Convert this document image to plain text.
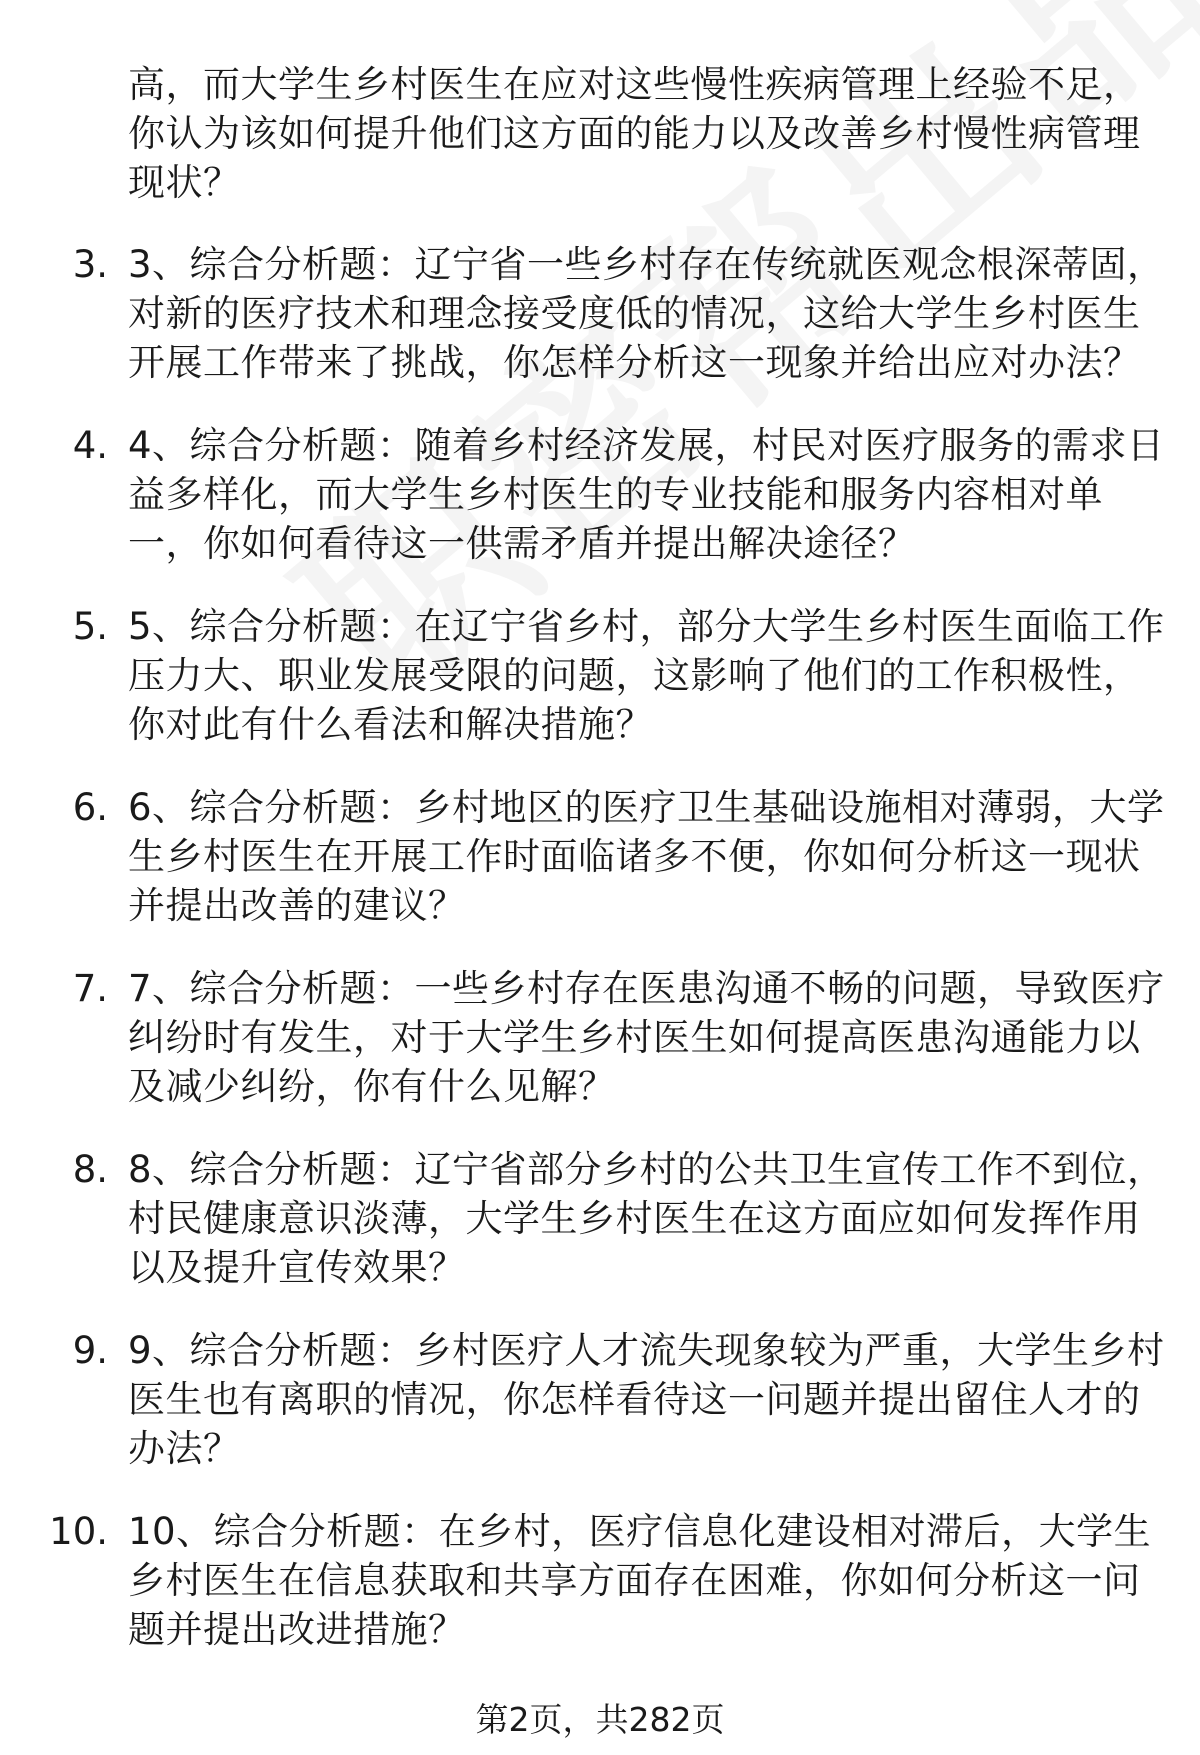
高，而大学生乡村医生在应对这些慢性疾病管理上经验不足，你认为该如何提升他们这方面的能力以及改善乡村慢性病管理现状？
3. 3、综合分析题：辽宁省一些乡村存在传统就医观念根深蒂固，对新的医疗技术和理念接受度低的情况，这给大学生乡村医生开展工作带来了挑战，你怎样分析这一现象并给出应对办法？
4. 4、综合分析题：随着乡村经济发展，村民对医疗服务的需求日益多样化，而大学生乡村医生的专业技能和服务内容相对单一，你如何看待这一供需矛盾并提出解决途径？
5. 5、综合分析题：在辽宁省乡村，部分大学生乡村医生面临工作压力大、职业发展受限的问题，这影响了他们的工作积极性，你对此有什么看法和解决措施？
6. 6、综合分析题：乡村地区的医疗卫生基础设施相对薄弱，大学生乡村医生在开展工作时面临诸多不便，你如何分析这一现状并提出改善的建议？
7. 7、综合分析题：一些乡村存在医患沟通不畅的问题，导致医疗纠纷时有发生，对于大学生乡村医生如何提高医患沟通能力以及减少纠纷，你有什么见解？
8. 8、综合分析题：辽宁省部分乡村的公共卫生宣传工作不到位，村民健康意识淡薄，大学生乡村医生在这方面应如何发挥作用以及提升宣传效果？
9. 9、综合分析题：乡村医疗人才流失现象较为严重，大学生乡村医生也有离职的情况，你怎样看待这一问题并提出留住人才的办法？
10. 10、综合分析题：在乡村，医疗信息化建设相对滞后，大学生乡村医生在信息获取和共享方面存在困难，你如何分析这一问题并提出改进措施？
第2页，共282页
